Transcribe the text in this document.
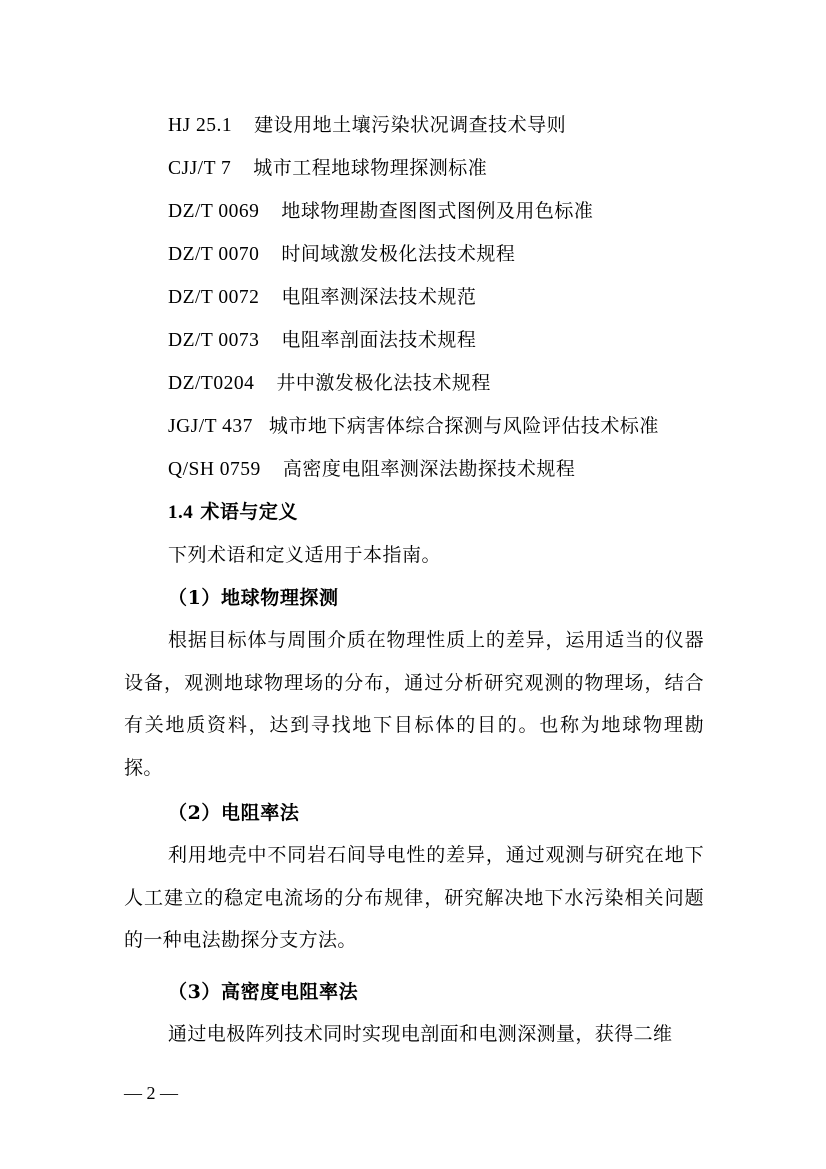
HJ 25.1 建设用地土壤污染状况调查技术导则
CJJ/T 7 城市工程地球物理探测标准
DZ/T 0069 地球物理勘查图图式图例及用色标准
DZ/T 0070 时间域激发极化法技术规程
DZ/T 0072 电阻率测深法技术规范
DZ/T 0073 电阻率剖面法技术规程
DZ/T0204 井中激发极化法技术规程
JGJ/T 437 城市地下病害体综合探测与风险评估技术标准
Q/SH 0759 高密度电阻率测深法勘探技术规程
1.4 术语与定义
下列术语和定义适用于本指南。
（1）地球物理探测
根据目标体与周围介质在物理性质上的差异，运用适当的仪器设备，观测地球物理场的分布，通过分析研究观测的物理场，结合有关地质资料，达到寻找地下目标体的目的。也称为地球物理勘探。
（2）电阻率法
利用地壳中不同岩石间导电性的差异，通过观测与研究在地下人工建立的稳定电流场的分布规律，研究解决地下水污染相关问题的一种电法勘探分支方法。
（3）高密度电阻率法
通过电极阵列技术同时实现电剖面和电测深测量，获得二维
— 2 —
